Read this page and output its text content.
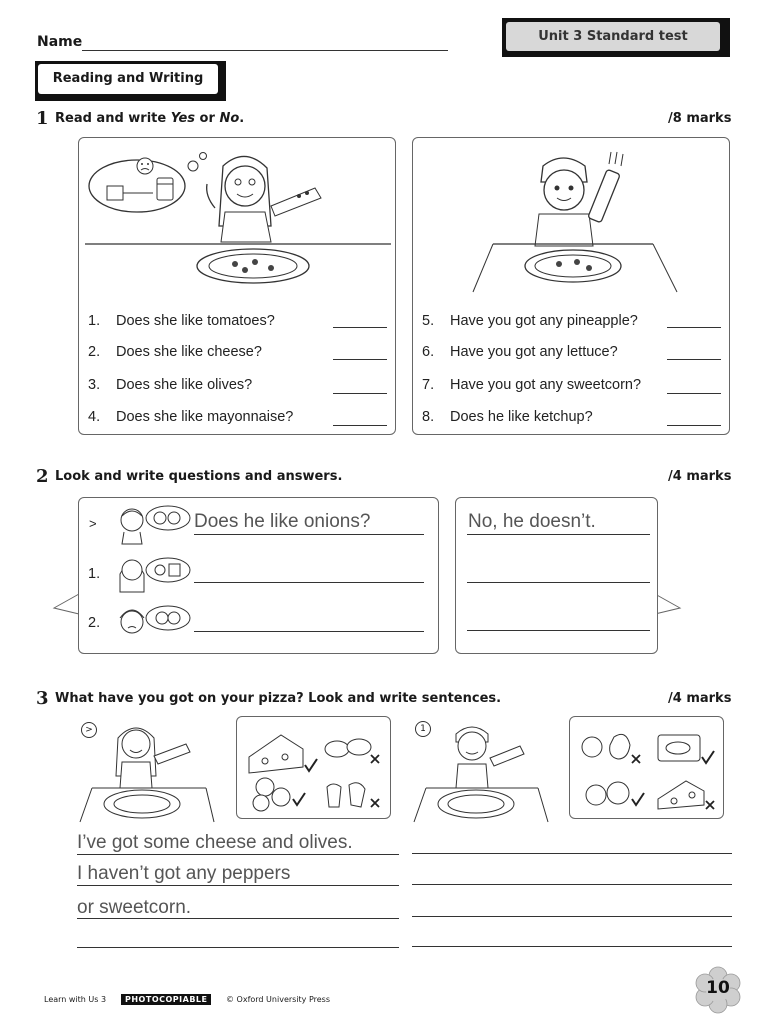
Name	Unit 3 Standard test
Reading and Writing
1 Read and write Yes or No.	/8 marks
1. Does she like tomatoes?
2. Does she like cheese?
3. Does she like olives?
4. Does she like mayonnaise?
5. Have you got any pineapple?
6. Have you got any lettuce?
7. Have you got any sweetcorn?
8. Does he like ketchup?
2 Look and write questions and answers.	/4 marks
>	Does he like onions?	No, he doesn’t.
1.
2.
3 What have you got on your pizza? Look and write sentences.	/4 marks
>	1
I’ve got some cheese and olives.
I haven’t got any peppers
or sweetcorn.
Learn with Us 3	PHOTOCOPIABLE	© Oxford University Press
10
